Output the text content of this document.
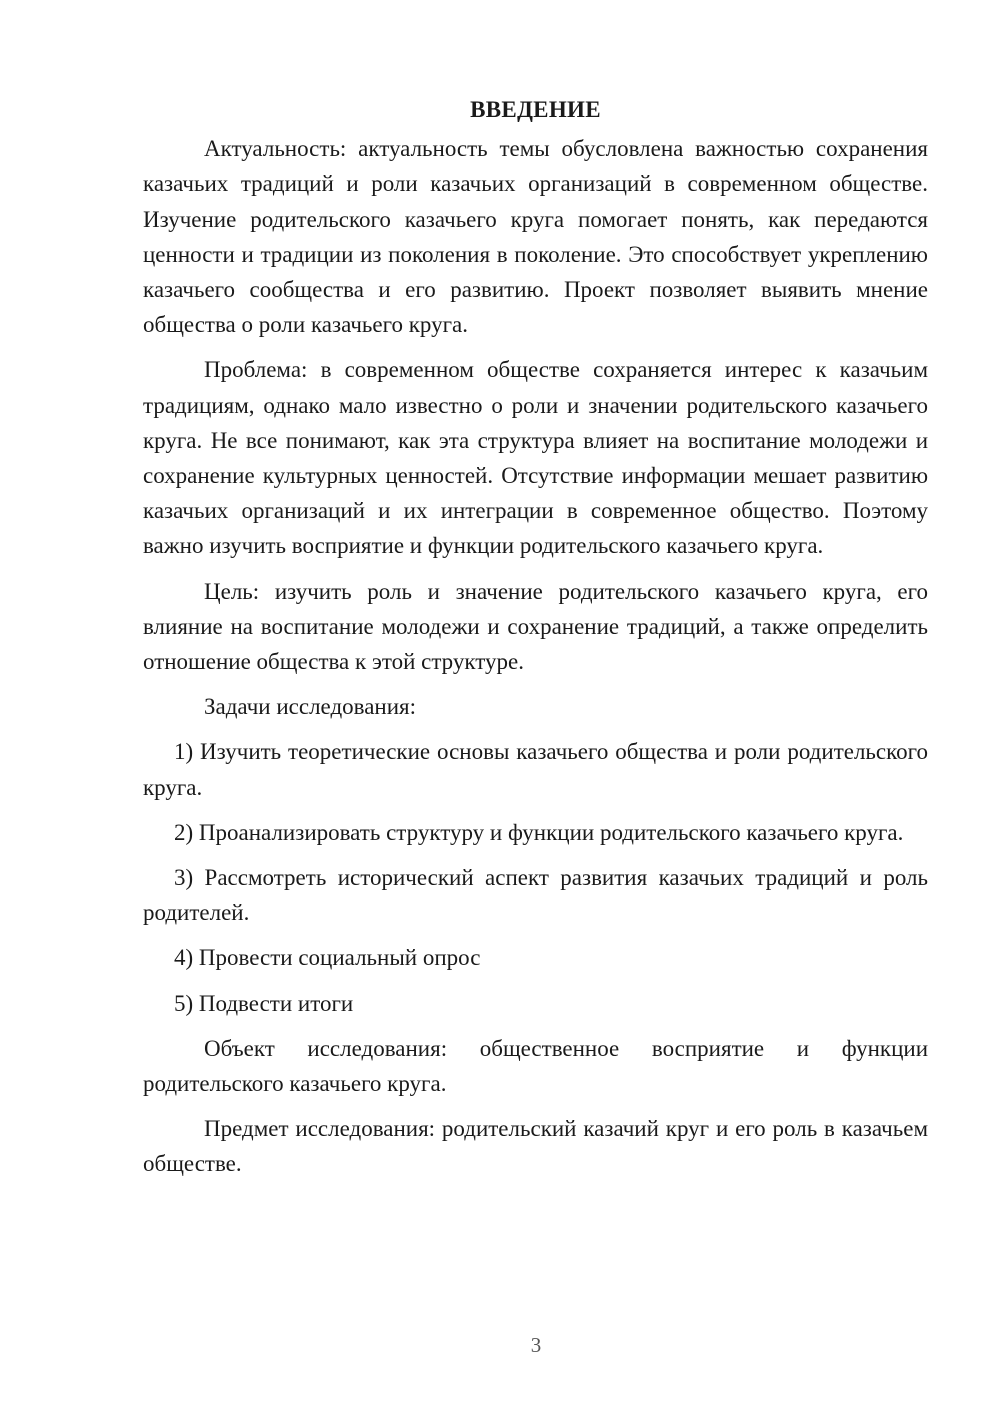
ВВЕДЕНИЕ

Актуальность: актуальность темы обусловлена важностью сохранения казачьих традиций и роли казачьих организаций в современном обществе. Изучение родительского казачьего круга помогает понять, как передаются ценности и традиции из поколения в поколение. Это способствует укреплению казачьего сообщества и его развитию. Проект позволяет выявить мнение общества о роли казачьего круга.

Проблема: в современном обществе сохраняется интерес к казачьим традициям, однако мало известно о роли и значении родительского казачьего круга. Не все понимают, как эта структура влияет на воспитание молодежи и сохранение культурных ценностей. Отсутствие информации мешает развитию казачьих организаций и их интеграции в современное общество. Поэтому важно изучить восприятие и функции родительского казачьего круга.

Цель: изучить роль и значение родительского казачьего круга, его влияние на воспитание молодежи и сохранение традиций, а также определить отношение общества к этой структуре.

Задачи исследования:

1) Изучить теоретические основы казачьего общества и роли родительского круга.

2) Проанализировать структуру и функции родительского казачьего круга.

3) Рассмотреть исторический аспект развития казачьих традиций и роль родителей.

4) Провести социальный опрос

5) Подвести итоги

Объект исследования: общественное восприятие и функции родительского казачьего круга.

Предмет исследования: родительский казачий круг и его роль в казачьем обществе.

3
